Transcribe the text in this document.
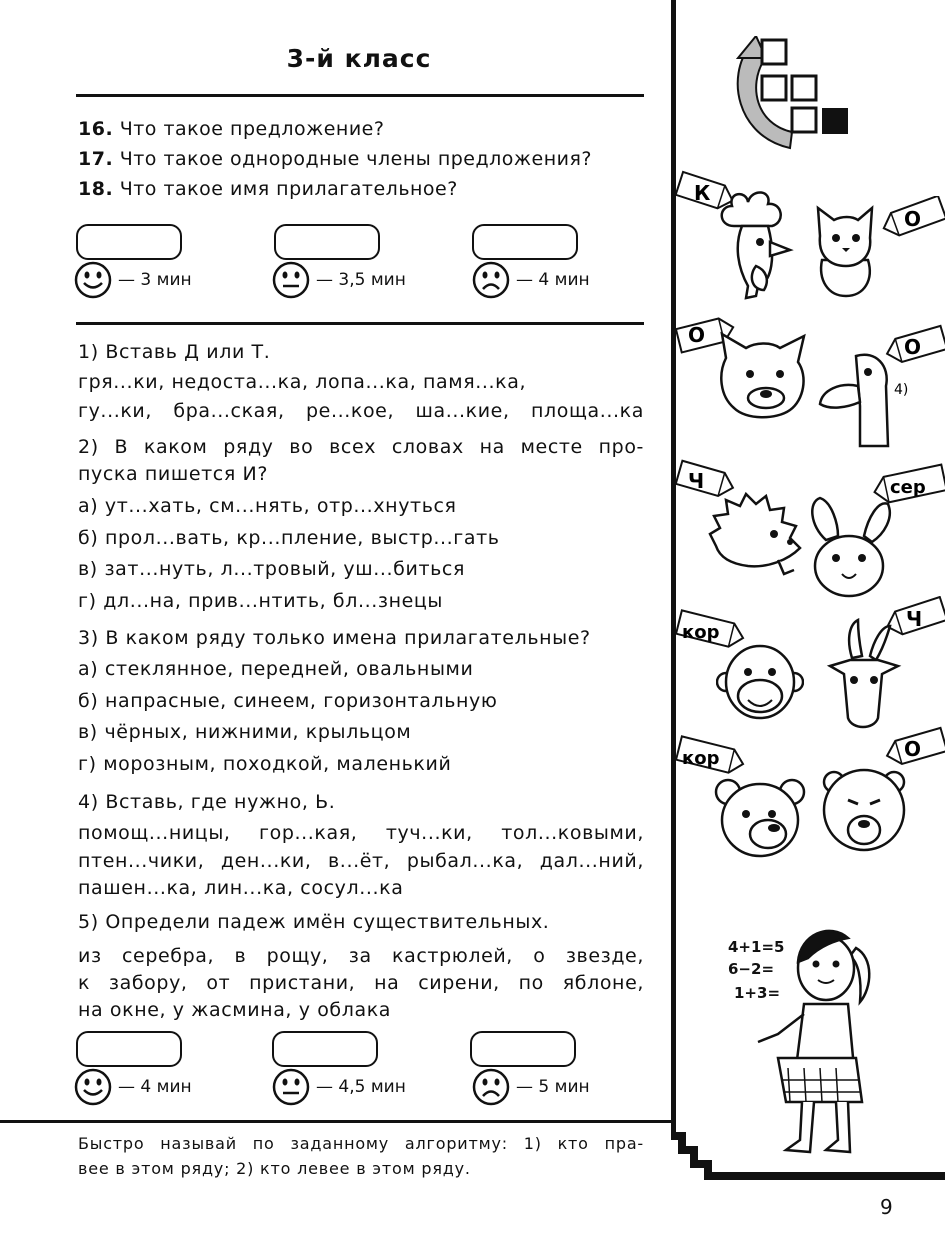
3-й класс
16. Что такое предложение?
17. Что такое однородные члены предложения?
18. Что такое имя прилагательное?
— 3 мин	— 3,5 мин	— 4 мин
1) Вставь Д или Т.
гря...ки, недоста...ка, лопа...ка, памя...ка,
гу...ки, бра...ская, ре...кое, ша...кие, площа...ка
2) В каком ряду во всех словах на месте про-
пуска пишется И?
а) ут...хать, см...нять, отр...хнуться
б) прол...вать, кр...пление, выстр...гать
в) зат...нуть, л...тровый, уш...биться
г) дл...на, прив...нтить, бл...знецы
3) В каком ряду только имена прилагательные?
а) стеклянное, передней, овальными
б) напрасные, синеем, горизонтальную
в) чёрных, нижними, крыльцом
г) морозным, походкой, маленький
4) Вставь, где нужно, Ь.
помощ...ницы, гор...кая, туч...ки, тол...ковыми,
птен...чики, ден...ки, в...ёт, рыбал...ка, дал...ний,
пашен...ка, лин...ка, сосул...ка
5) Определи падеж имён существительных.
из серебра, в рощу, за кастрюлей, о звезде,
к забору, от пристани, на сирени, по яблоне,
на окне, у жасмина, у облака
— 4 мин	— 4,5 мин	— 5 мин
Быстро называй по заданному алгоритму: 1) кто пра-
вее в этом ряду; 2) кто левее в этом ряду.
К
О
О	О
Ч	сер
кор
Ч
кор	О
4)
4+1=5
6−2=
1+3=
9
